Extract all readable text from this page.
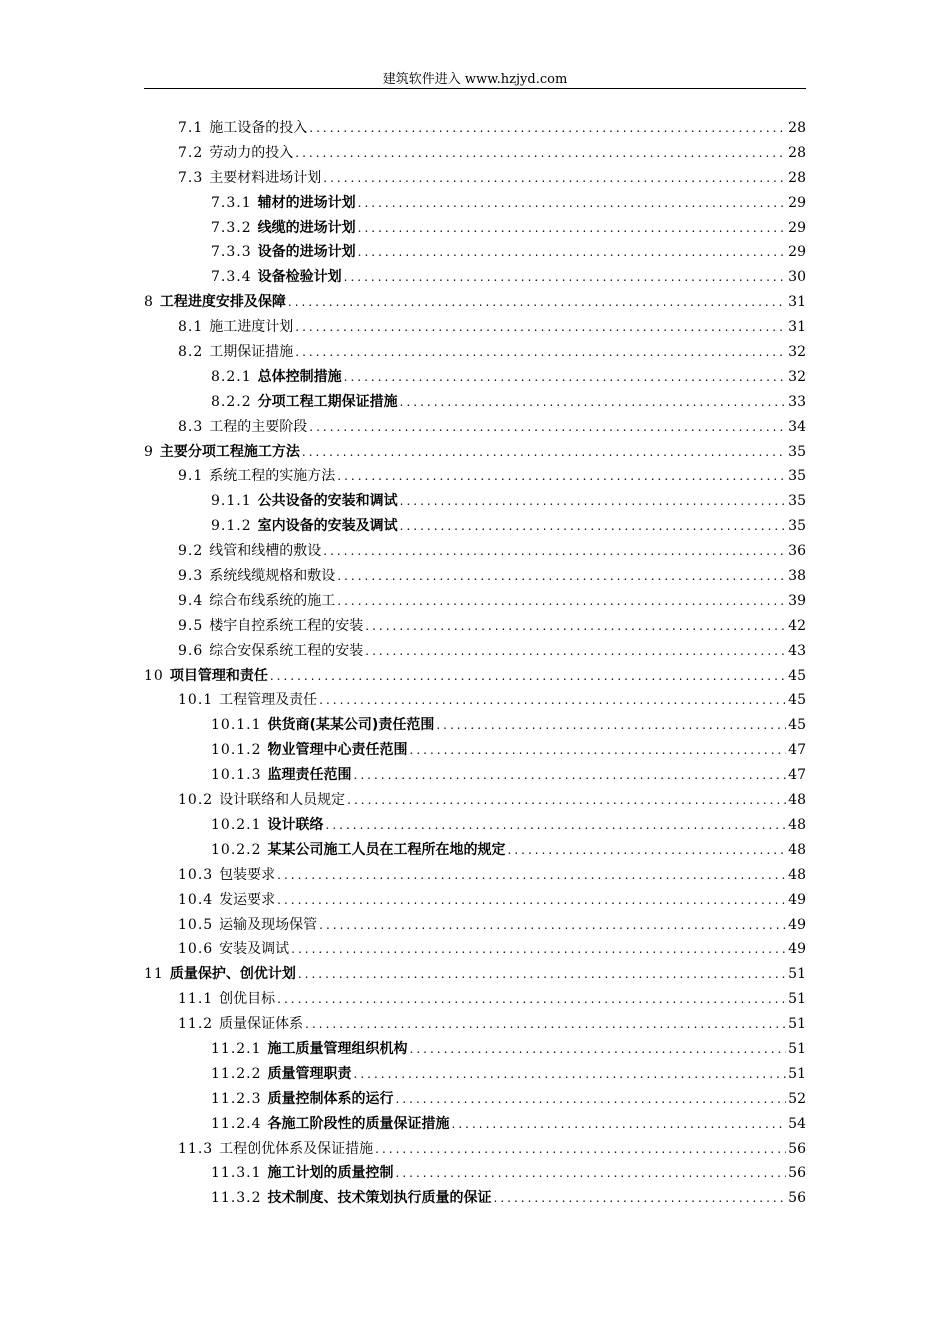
建筑软件进入 www.hzjyd.com
7.1 施工设备的投入 .....	28
7.2 劳动力的投入 .....	28
7.3 主要材料进场计划 .....	28
7.3.1 辅材的进场计划 .....	29
7.3.2 线缆的进场计划 .....	29
7.3.3 设备的进场计划 .....	29
7.3.4 设备检验计划 .....	30
8 工程进度安排及保障 .....	31
8.1 施工进度计划 .....	31
8.2 工期保证措施 .....	32
8.2.1 总体控制措施 .....	32
8.2.2 分项工程工期保证措施 .....	33
8.3 工程的主要阶段 .....	34
9 主要分项工程施工方法 .....	35
9.1 系统工程的实施方法 .....	35
9.1.1 公共设备的安装和调试 .....	35
9.1.2 室内设备的安装及调试 .....	35
9.2 线管和线槽的敷设 .....	36
9.3 系统线缆规格和敷设 .....	38
9.4 综合布线系统的施工 .....	39
9.5 楼宇自控系统工程的安装 .....	42
9.6 综合安保系统工程的安装 .....	43
10 项目管理和责任 .....	45
10.1 工程管理及责任 .....	45
10.1.1 供货商(某某公司)责任范围 .....	45
10.1.2 物业管理中心责任范围 .....	47
10.1.3 监理责任范围 .....	47
10.2 设计联络和人员规定 .....	48
10.2.1 设计联络 .....	48
10.2.2 某某公司施工人员在工程所在地的规定 .....	48
10.3 包装要求 .....	48
10.4 发运要求 .....	49
10.5 运输及现场保管 .....	49
10.6 安装及调试 .....	49
11 质量保护、创优计划 .....	51
11.1 创优目标 .....	51
11.2 质量保证体系 .....	51
11.2.1 施工质量管理组织机构 .....	51
11.2.2 质量管理职责 .....	51
11.2.3 质量控制体系的运行 .....	52
11.2.4 各施工阶段性的质量保证措施 .....	54
11.3 工程创优体系及保证措施 .....	56
11.3.1 施工计划的质量控制 .....	56
11.3.2 技术制度、技术策划执行质量的保证 .....	56
